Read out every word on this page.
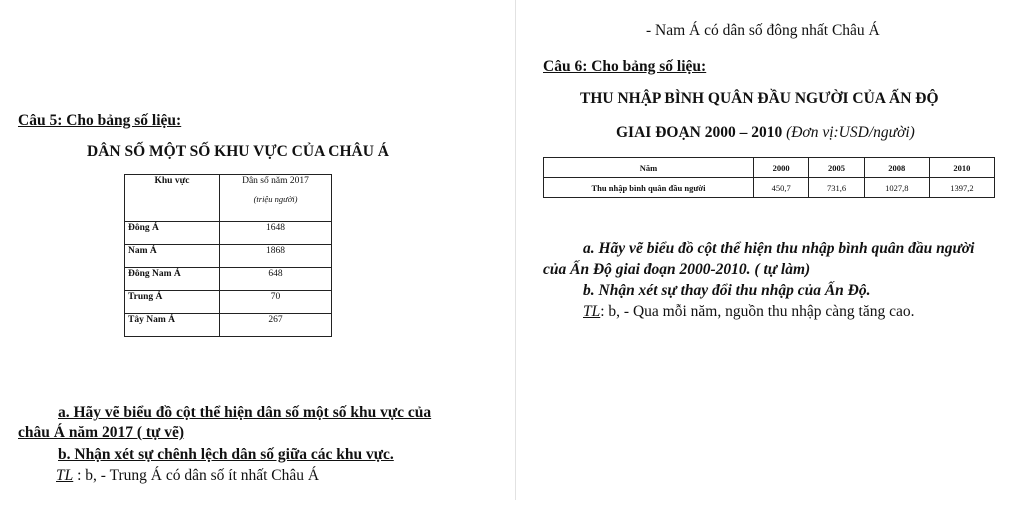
Câu 5: Cho bảng số liệu:
DÂN SỐ MỘT SỐ KHU VỰC CỦA CHÂU Á
Khu vực	Dân số năm 2017
(triệu người)

Đông Á	1648
Nam Á	1868
Đông Nam Á	648
Trung Á	70
Tây Nam Á	267
a. Hãy vẽ biểu đồ cột thể hiện dân số một số khu vực của
châu Á năm 2017 ( tự vẽ)
b. Nhận xét sự chênh lệch dân số giữa các khu vực.
TL : b, - Trung Á có dân số ít nhất Châu Á
- Nam Á có dân số đông nhất Châu Á
Câu 6: Cho bảng số liệu:
THU NHẬP BÌNH QUÂN ĐẦU NGƯỜI CỦA ẤN ĐỘ
GIAI ĐOẠN 2000 – 2010 (Đơn vị:USD/người)
Năm	2000	2005	2008	2010
Thu nhập bình quân đầu người	450,7	731,6	1027,8	1397,2
a. Hãy vẽ biểu đồ cột thể hiện thu nhập bình quân đầu người
của Ấn Độ giai đoạn 2000-2010. ( tự làm)
b. Nhận xét sự thay đổi thu nhập của Ấn Độ.
TL: b, - Qua mỗi năm, nguồn thu nhập càng tăng cao.
